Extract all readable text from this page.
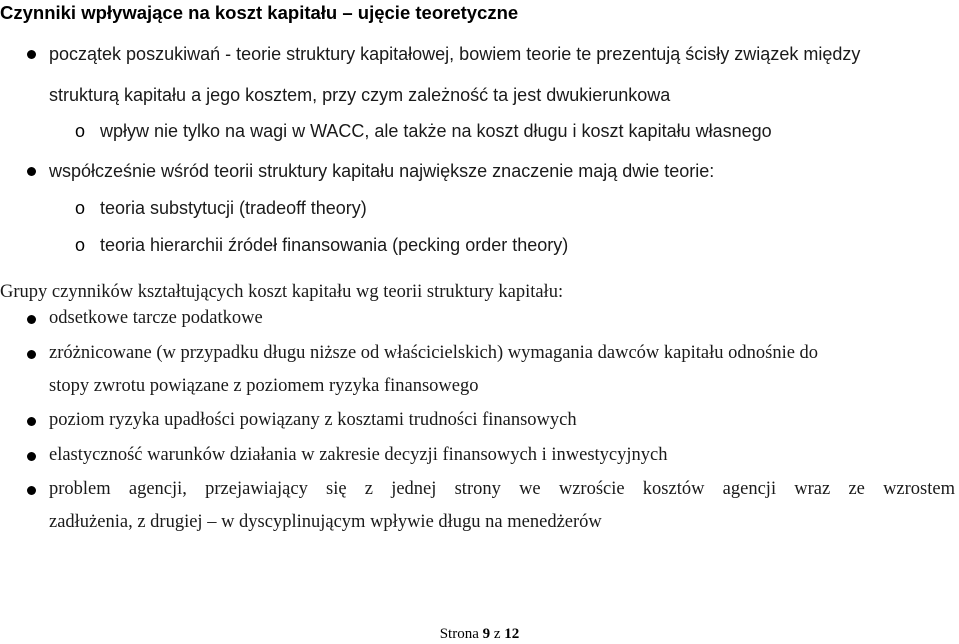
Czynniki wpływające na koszt kapitału – ujęcie teoretyczne
początek poszukiwań - teorie struktury kapitałowej, bowiem teorie te prezentują ścisły związek między
strukturą kapitału a jego kosztem, przy czym zależność ta jest dwukierunkowa
o wpływ nie tylko na wagi w WACC, ale także na koszt długu i koszt kapitału własnego
współcześnie wśród teorii struktury kapitału największe znaczenie mają dwie teorie:
o teoria substytucji (tradeoff theory)
o teoria hierarchii źródeł finansowania (pecking order theory)
Grupy czynników kształtujących koszt kapitału wg teorii struktury kapitału:
odsetkowe tarcze podatkowe
zróżnicowane (w przypadku długu niższe od właścicielskich) wymagania dawców kapitału odnośnie do
stopy zwrotu powiązane z poziomem ryzyka finansowego
poziom ryzyka upadłości powiązany z kosztami trudności finansowych
elastyczność warunków działania w zakresie decyzji finansowych i inwestycyjnych
problem agencji, przejawiający się z jednej strony we wzroście kosztów agencji wraz ze wzrostem
zadłużenia, z drugiej – w dyscyplinującym wpływie długu na menedżerów
Strona 9 z 12
